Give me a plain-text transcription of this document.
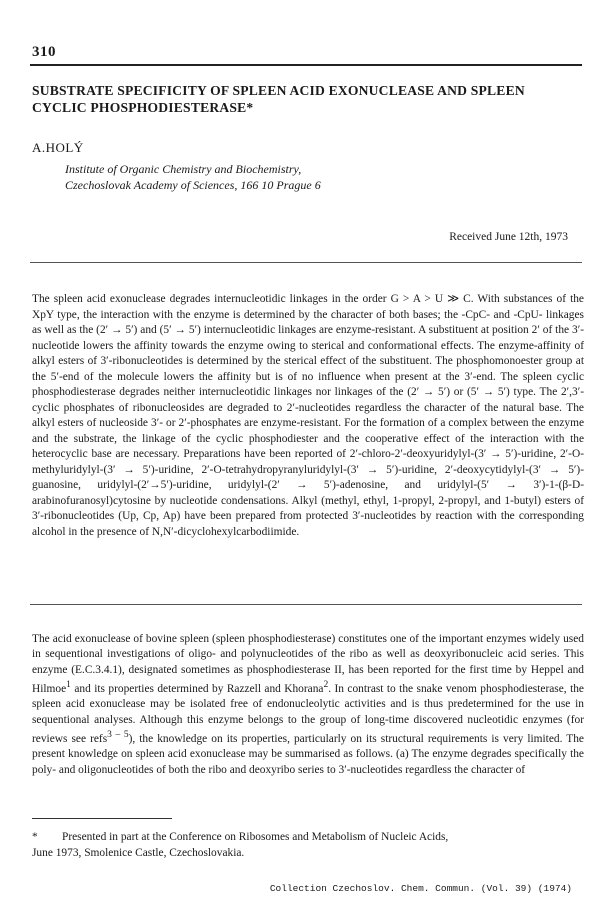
310
SUBSTRATE SPECIFICITY OF SPLEEN ACID EXONUCLEASE AND SPLEEN CYCLIC PHOSPHODIESTERASE*
A.HOLÝ
Institute of Organic Chemistry and Biochemistry,
Czechoslovak Academy of Sciences, 166 10 Prague 6
Received June 12th, 1973
The spleen acid exonuclease degrades internucleotidic linkages in the order G > A > U ≫ C. With substances of the XpY type, the interaction with the enzyme is determined by the character of both bases; the -CpC- and -CpU- linkages as well as the (2′ → 5′) and (5′ → 5′) internucleotidic linkages are enzyme-resistant. A substituent at position 2′ of the 3′-nucleotide lowers the affinity towards the enzyme owing to sterical and conformational effects. The enzyme-affinity of alkyl esters of 3′-ribonucleotides is determined by the sterical effect of the substituent. The phosphomonoester group at the 5′-end of the molecule lowers the affinity but is of no influence when present at the 3′-end. The spleen cyclic phosphodiesterase degrades neither internucleotidic linkages nor linkages of the (2′ → 5′) or (5′ → 5′) type. The 2′,3′-cyclic phosphates of ribonucleosides are degraded to 2′-nucleotides regardless the character of the natural base. The alkyl esters of nucleoside 3′- or 2′-phosphates are enzyme-resistant. For the formation of a complex between the enzyme and the substrate, the linkage of the cyclic phosphodiester and the cooperative effect of the interaction with the heterocyclic base are necessary. Preparations have been reported of 2′-chloro-2′-deoxyuridylyl-(3′ → 5′)-uridine, 2′-O-methyluridylyl-(3′ → 5′)-uridine, 2′-O-tetrahydropyranyluridylyl-(3′ → 5′)-uridine, 2′-deoxycytidylyl-(3′ → 5′)-guanosine, uridylyl-(2′→5′)-uridine, uridylyl-(2′ → 5′)-adenosine, and uridylyl-(5′ → 3′)-1-(β-D-arabinofuranosyl)cytosine by nucleotide condensations. Alkyl (methyl, ethyl, 1-propyl, 2-propyl, and 1-butyl) esters of 3′-ribonucleotides (Up, Cp, Ap) have been prepared from protected 3′-nucleotides by reaction with the corresponding alcohol in the presence of N,N′-dicyclohexylcarbodiimide.
The acid exonuclease of bovine spleen (spleen phosphodiesterase) constitutes one of the important enzymes widely used in sequentional investigations of oligo- and polynucleotides of the ribo as well as deoxyribonucleic acid series. This enzyme (E.C.3.4.1), designated sometimes as phosphodiesterase II, has been reported for the first time by Heppel and Hilmoe$^1$ and its properties determined by Razzell and Khorana$^2$. In contrast to the snake venom phosphodiesterase, the spleen acid exonuclease may be isolated free of endonucleolytic activities and is thus predetermined for the use in sequentional analyses. Although this enzyme belongs to the group of long-time discovered nucleotidic enzymes (for reviews see refs$^{3 - 5}$), the knowledge on its properties, particularly on its structural requirements is very limited. The present knowledge on spleen acid exonuclease may be summarised as follows. (a) The enzyme degrades specifically the poly- and oligonucleotides of both the ribo and deoxyribo series to 3′-nucleotides regardless the character of
* Presented in part at the Conference on Ribosomes and Metabolism of Nucleic Acids,
June 1973, Smolenice Castle, Czechoslovakia.
Collection Czechoslov. Chem. Commun. (Vol. 39) (1974)
